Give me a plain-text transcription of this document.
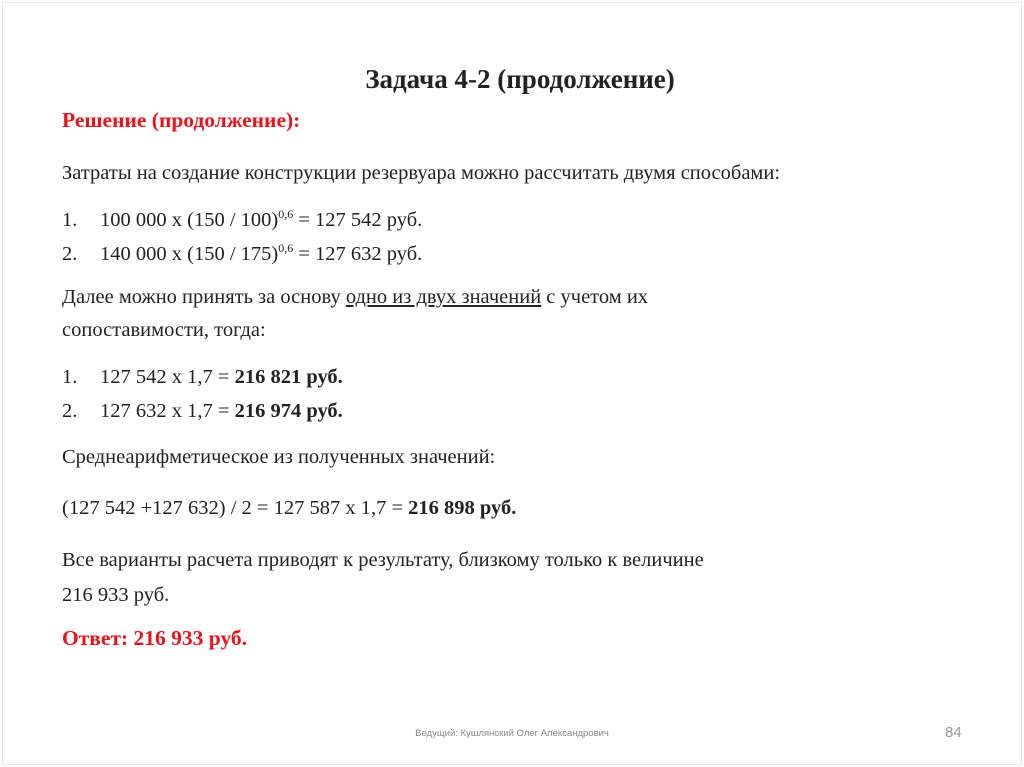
Задача 4-2 (продолжение)
Решение (продолжение):
Затраты на создание конструкции резервуара можно рассчитать двумя способами:
1. 100 000 х (150 / 100)$^{0,6}$ = 127 542 руб.
2. 140 000 х (150 / 175)$^{0,6}$ = 127 632 руб.
Далее можно принять за основу одно из двух значений с учетом их
сопоставимости, тогда:
1. 127 542 х 1,7 = 216 821 руб.
2. 127 632 х 1,7 = 216 974 руб.
Среднеарифметическое из полученных значений:
(127 542 +127 632) / 2 = 127 587 х 1,7 = 216 898 руб.
Все варианты расчета приводят к результату, близкому только к величине
216 933 руб.
Ответ: 216 933 руб.
Ведущий: Кушлянский Олег Александрович	84
